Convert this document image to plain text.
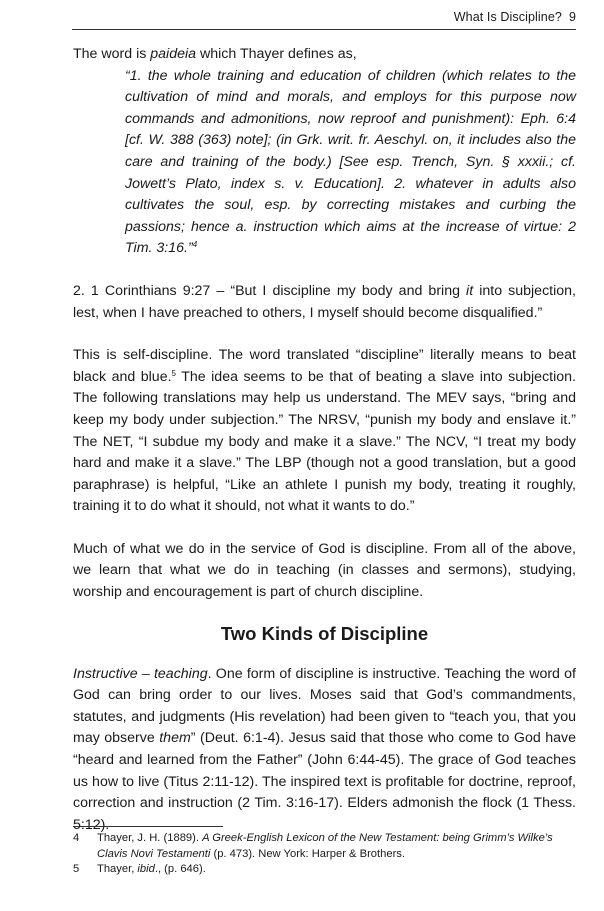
What Is Discipline? 9

The word is paideia which Thayer defines as,

“1. the whole training and education of children (which relates to the cultivation of mind and morals, and employs for this purpose now commands and admonitions, now reproof and punishment): Eph. 6:4 [cf. W. 388 (363) note]; (in Grk. writ. fr. Aeschyl. on, it includes also the care and training of the body.) [See esp. Trench, Syn. § xxxii.; cf. Jowett’s Plato, index s. v. Education]. 2. whatever in adults also cultivates the soul, esp. by correcting mistakes and curbing the passions; hence a. instruction which aims at the increase of virtue: 2 Tim. 3:16.”$^4$

2. 1 Corinthians 9:27 – “But I discipline my body and bring it into subjection, lest, when I have preached to others, I myself should become disqualified.”

This is self-discipline. The word translated “discipline” literally means to beat black and blue.$^5$ The idea seems to be that of beating a slave into subjection. The following translations may help us understand. The MEV says, “bring and keep my body under subjection.” The NRSV, “punish my body and enslave it.” The NET, “I subdue my body and make it a slave.” The NCV, “I treat my body hard and make it a slave.” The LBP (though not a good translation, but a good paraphrase) is helpful, “Like an athlete I punish my body, treating it roughly, training it to do what it should, not what it wants to do.”

Much of what we do in the service of God is discipline. From all of the above, we learn that what we do in teaching (in classes and sermons), studying, worship and encouragement is part of church discipline.

Two Kinds of Discipline

Instructive – teaching. One form of discipline is instructive. Teaching the word of God can bring order to our lives. Moses said that God’s commandments, statutes, and judgments (His revelation) had been given to “teach you, that you may observe them” (Deut. 6:1-4). Jesus said that those who come to God have “heard and learned from the Father” (John 6:44-45). The grace of God teaches us how to live (Titus 2:11-12). The inspired text is profitable for doctrine, reproof, correction and instruction (2 Tim. 3:16-17). Elders admonish the flock (1 Thess. 5:12).

4	Thayer, J. H. (1889). A Greek-English Lexicon of the New Testament: being Grimm’s Wilke’s Clavis Novi Testamenti (p. 473). New York: Harper & Brothers.
5	Thayer, ibid., (p. 646).
